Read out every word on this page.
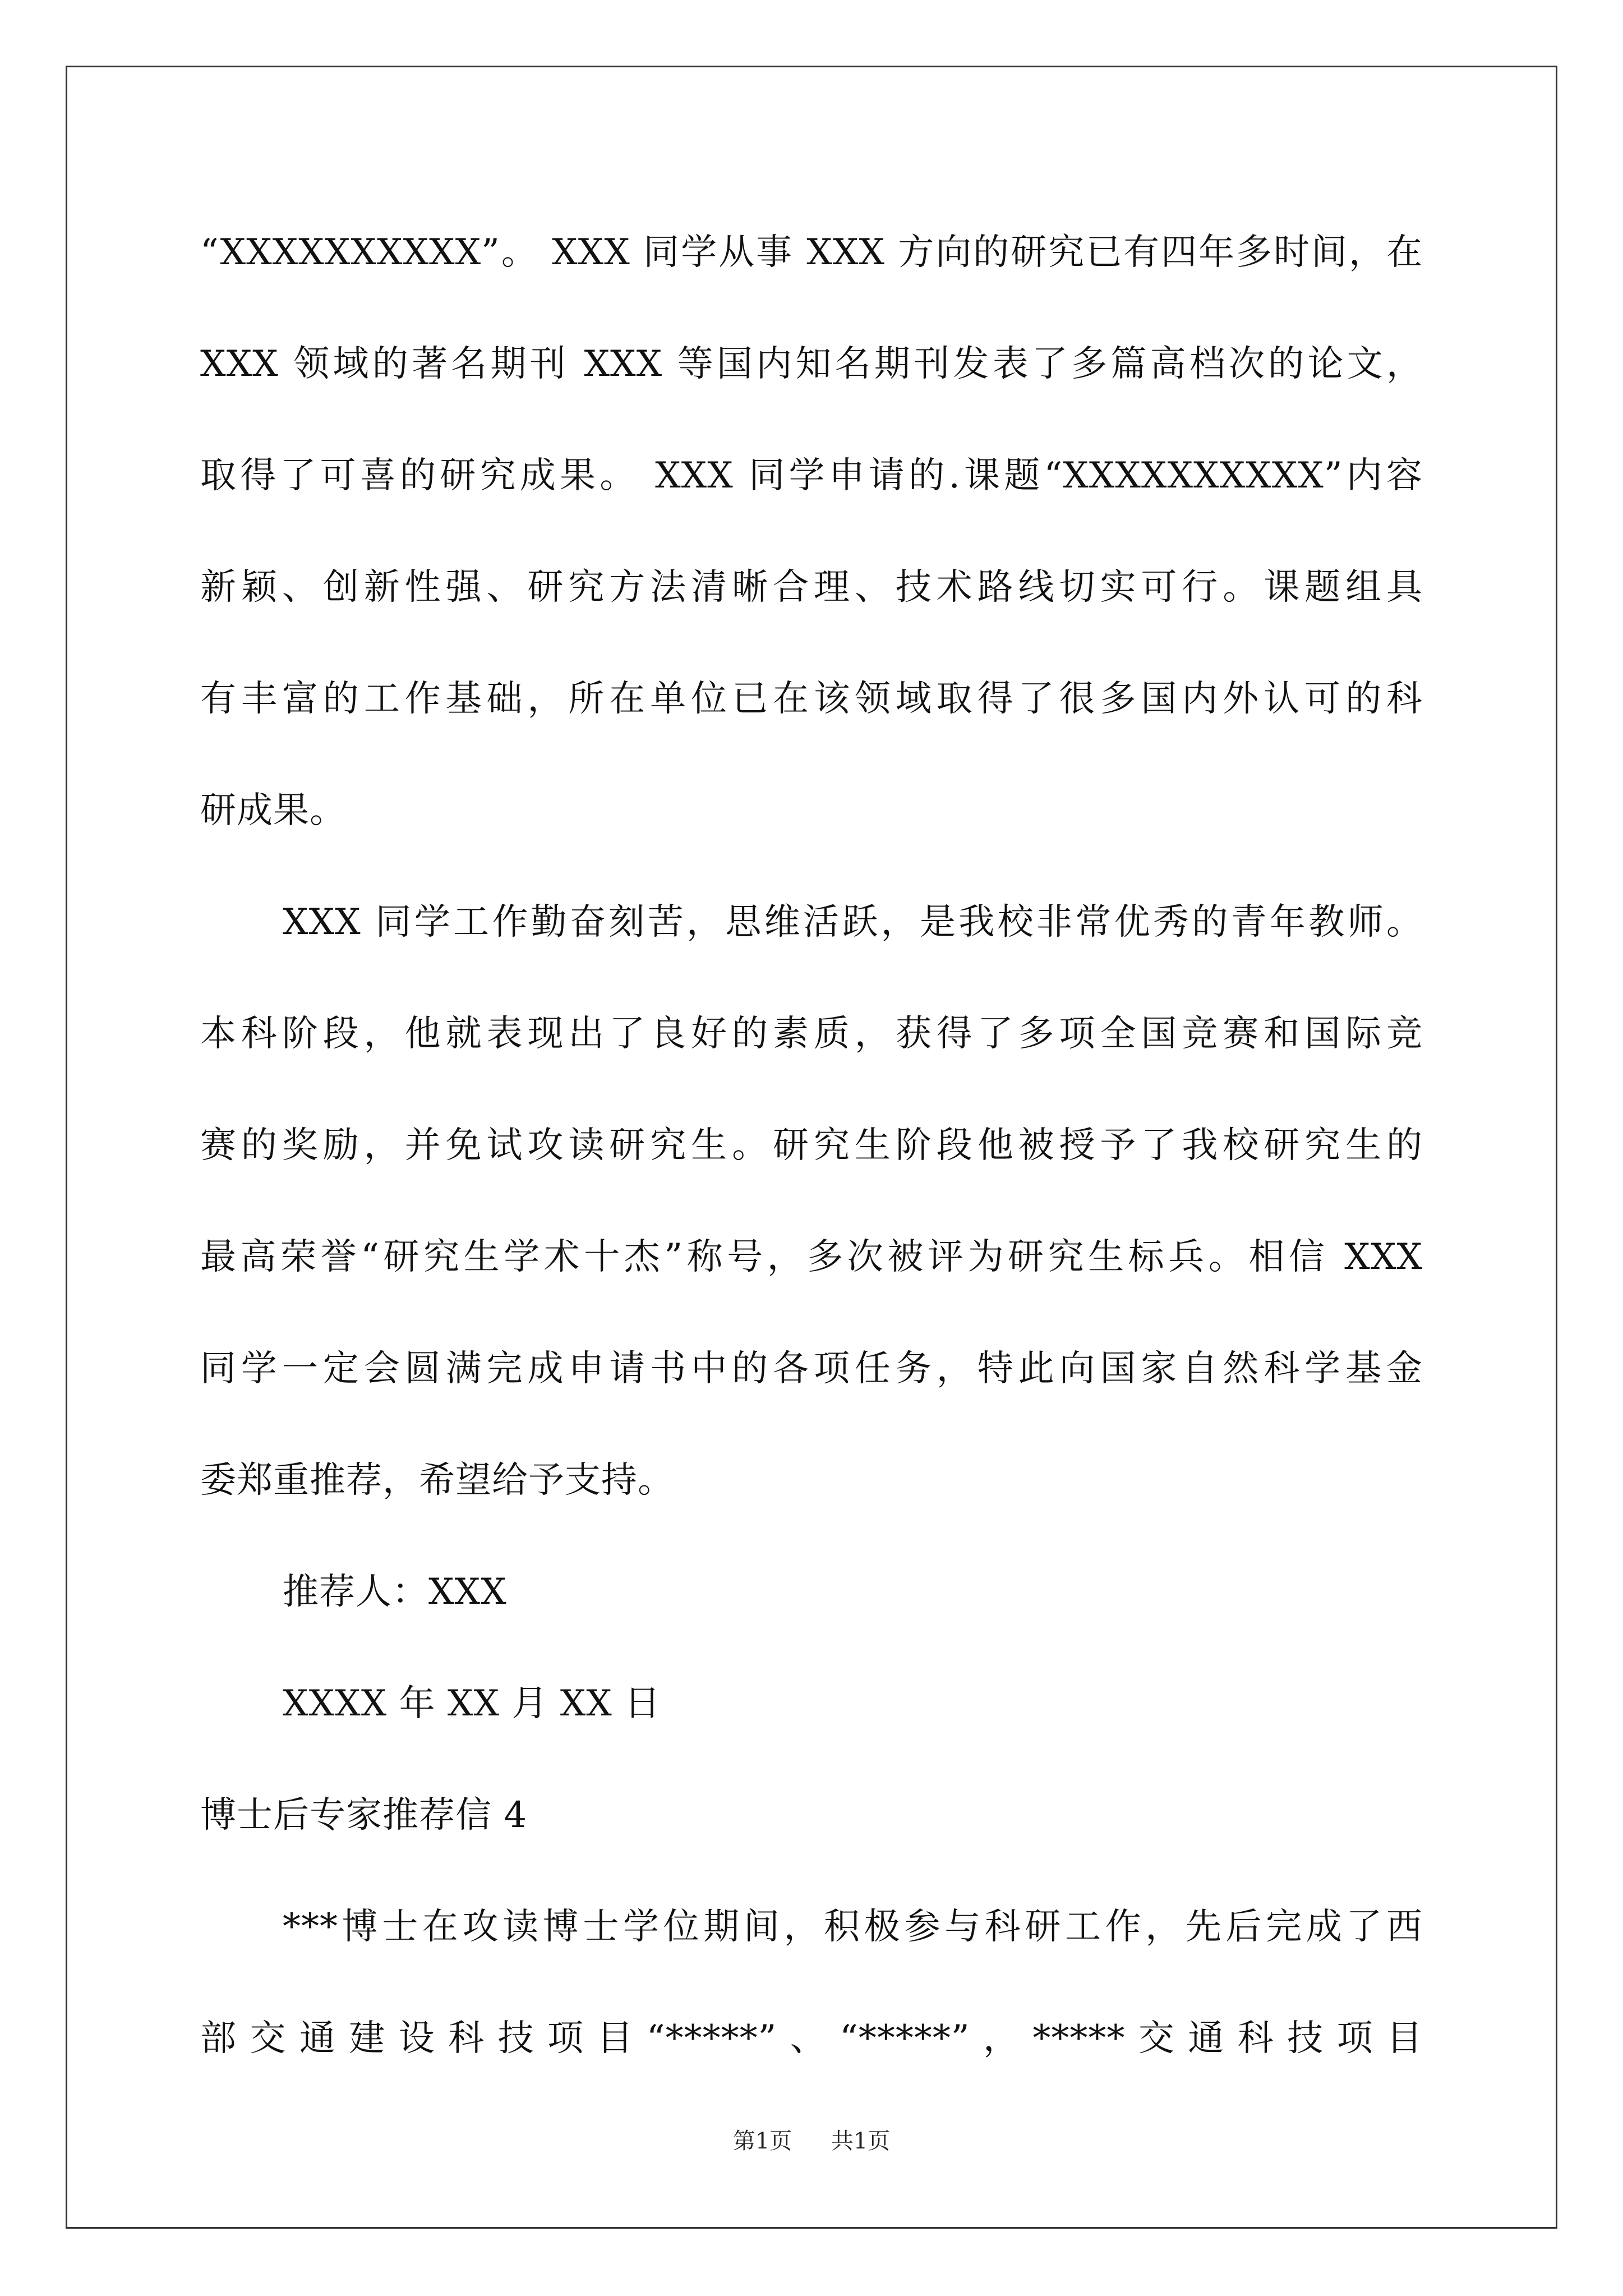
“XXXXXXXXXX”。 XXX 同学从事 XXX 方向的研究已有四年多时间，在
XXX 领域的著名期刊 XXX 等国内知名期刊发表了多篇高档次的论文，
取得了可喜的研究成果。 XXX 同学申请的.课题“XXXXXXXXXX”内容
新颖、创新性强、研究方法清晰合理、技术路线切实可行。课题组具
有丰富的工作基础，所在单位已在该领域取得了很多国内外认可的科
研成果。
XXX 同学工作勤奋刻苦，思维活跃，是我校非常优秀的青年教师。
本科阶段，他就表现出了良好的素质，获得了多项全国竞赛和国际竞
赛的奖励，并免试攻读研究生。研究生阶段他被授予了我校研究生的
最高荣誉“研究生学术十杰”称号，多次被评为研究生标兵。相信 XXX
同学一定会圆满完成申请书中的各项任务，特此向国家自然科学基金
委郑重推荐，希望给予支持。
推荐人：XXX
XXXX 年 XX 月 XX 日
博士后专家推荐信 4
***博士在攻读博士学位期间，积极参与科研工作，先后完成了西
部交通建设科技项目“*****”、“*****”，*****交通科技项目
第1页 共1页
